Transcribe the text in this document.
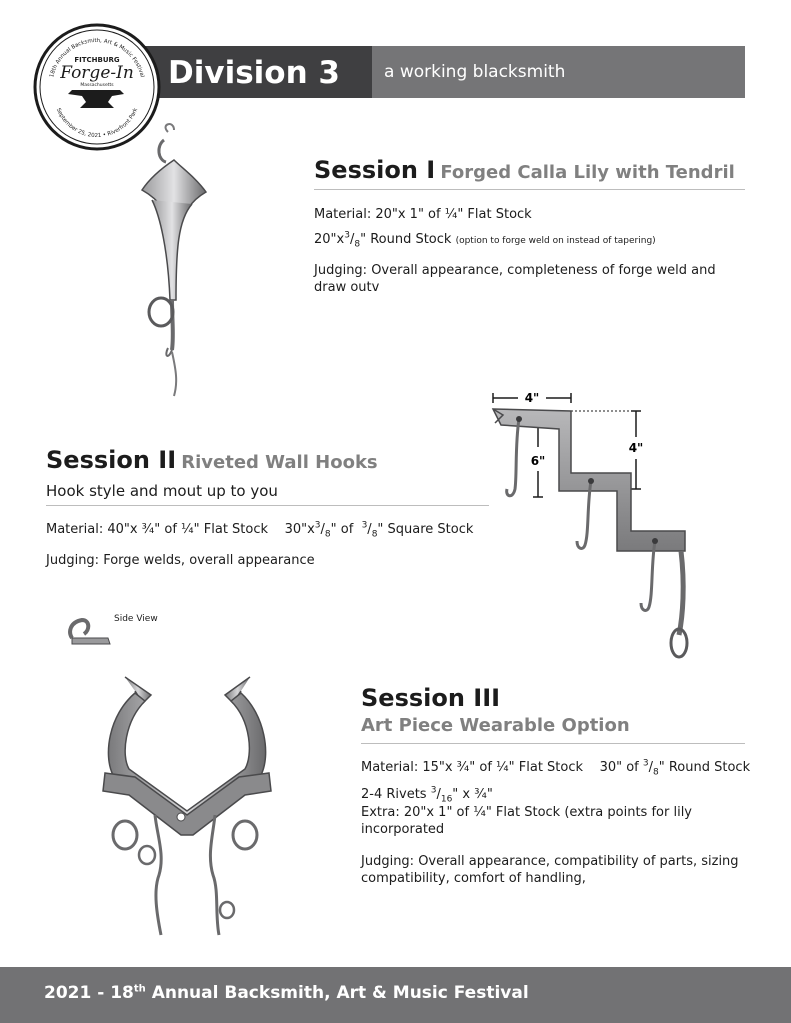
Division 3	a working blacksmith
18th Annual Backsmith, Art & Music Festival
September 25, 2021 • Riverfront Park
FITCHBURG
Forge-In
Massachusetts
Session I Forged Calla Lily with Tendril
Material: 20"x 1" of ¼" Flat Stock
$20"x^3/_8$" Round Stock (option to forge weld on instead of tapering)
Judging: Overall appearance, completeness of forge weld and draw outv
Session II Riveted Wall Hooks
Hook style and mout up to you
Material: 40"x ¾" of ¼" Flat Stock $30"x^3/_8$" of $^3/_8$" Square Stock
Judging: Forge welds, overall appearance
4"
4"
6"
Side View
Session III
Art Piece Wearable Option
Material: 15"x ¾" of ¼" Flat Stock 30" of $^3/_8$" Round Stock
2-4 Rivets $^3/_{16}$" x ¾"
Extra: 20"x 1" of ¼" Flat Stock (extra points for lily incorporated
Judging: Overall appearance, compatibility of parts, sizing compatibility, comfort of handling,
2021 - 18th Annual Backsmith, Art & Music Festival
